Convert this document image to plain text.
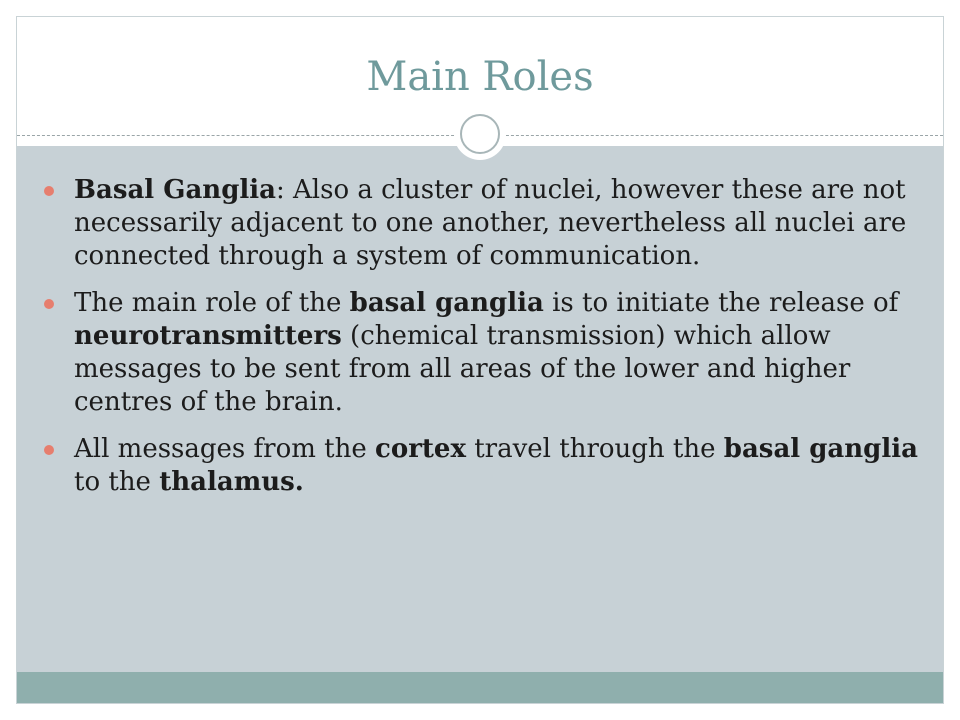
Main Roles
Basal Ganglia: Also a cluster of nuclei, however these are not necessarily adjacent to one another, nevertheless all nuclei are connected through a system of communication.
The main role of the basal ganglia is to initiate the release of neurotransmitters (chemical transmission) which allow messages to be sent from all areas of the lower and higher centres of the brain.
All messages from the cortex travel through the basal ganglia to the thalamus.
